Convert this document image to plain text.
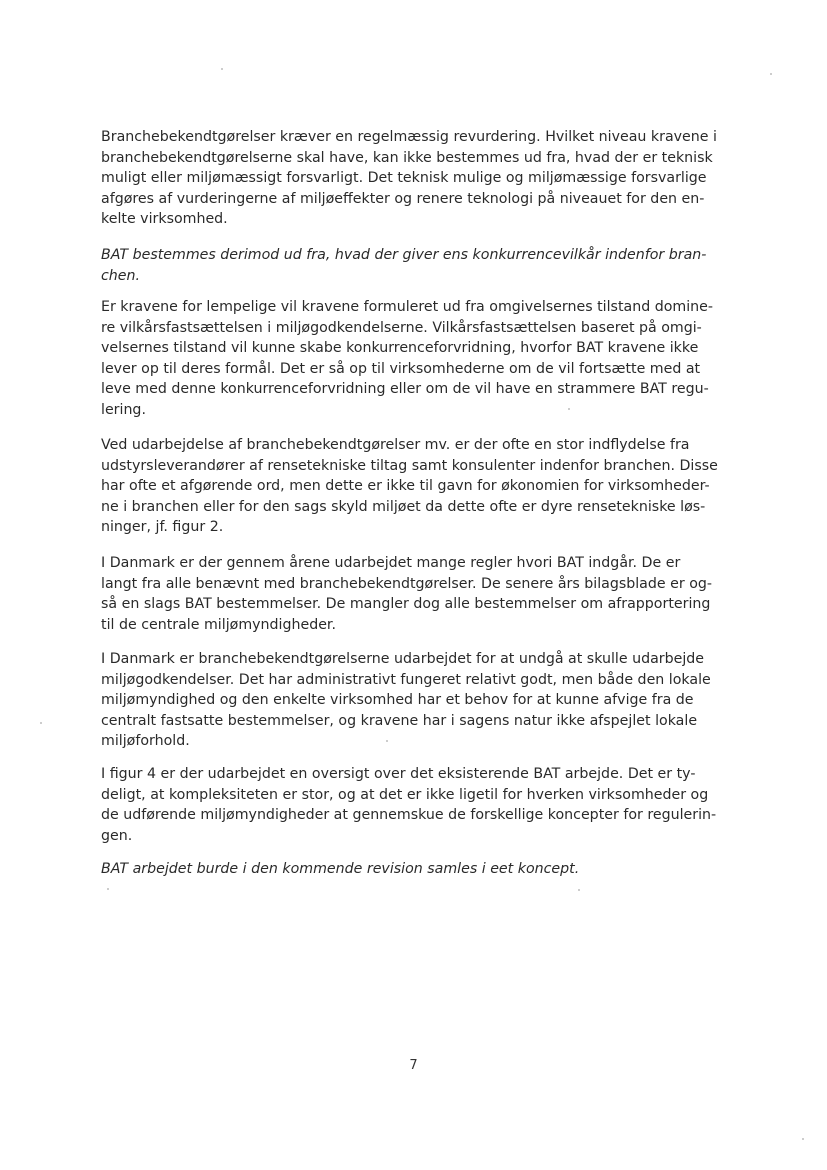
Branchebekendtgørelser kræver en regelmæssig revurdering. Hvilket niveau kravene i
branchebekendtgørelserne skal have, kan ikke bestemmes ud fra, hvad der er teknisk
muligt eller miljømæssigt forsvarligt. Det teknisk mulige og miljømæssige forsvarlige
afgøres af vurderingerne af miljøeffekter og renere teknologi på niveauet for den en-
kelte virksomhed.

BAT bestemmes derimod ud fra, hvad der giver ens konkurrencevilkår indenfor bran-
chen.

Er kravene for lempelige vil kravene formuleret ud fra omgivelsernes tilstand domine-
re vilkårsfastsættelsen i miljøgodkendelserne. Vilkårsfastsættelsen baseret på omgi-
velsernes tilstand vil kunne skabe konkurrenceforvridning, hvorfor BAT kravene ikke
lever op til deres formål. Det er så op til virksomhederne om de vil fortsætte med at
leve med denne konkurrenceforvridning eller om de vil have en strammere BAT regu-
lering.

Ved udarbejdelse af branchebekendtgørelser mv. er der ofte en stor indflydelse fra
udstyrsleverandører af rensetekniske tiltag samt konsulenter indenfor branchen. Disse
har ofte et afgørende ord, men dette er ikke til gavn for økonomien for virksomheder-
ne i branchen eller for den sags skyld miljøet da dette ofte er dyre rensetekniske løs-
ninger, jf. figur 2.

I Danmark er der gennem årene udarbejdet mange regler hvori BAT indgår. De er
langt fra alle benævnt med branchebekendtgørelser. De senere års bilagsblade er og-
så en slags BAT bestemmelser. De mangler dog alle bestemmelser om afrapportering
til de centrale miljømyndigheder.

I Danmark er branchebekendtgørelserne udarbejdet for at undgå at skulle udarbejde
miljøgodkendelser. Det har administrativt fungeret relativt godt, men både den lokale
miljømyndighed og den enkelte virksomhed har et behov for at kunne afvige fra de
centralt fastsatte bestemmelser, og kravene har i sagens natur ikke afspejlet lokale
miljøforhold.

I figur 4 er der udarbejdet en oversigt over det eksisterende BAT arbejde. Det er ty-
deligt, at kompleksiteten er stor, og at det er ikke ligetil for hverken virksomheder og
de udførende miljømyndigheder at gennemskue de forskellige koncepter for regulerin-
gen.

BAT arbejdet burde i den kommende revision samles i eet koncept.

7
